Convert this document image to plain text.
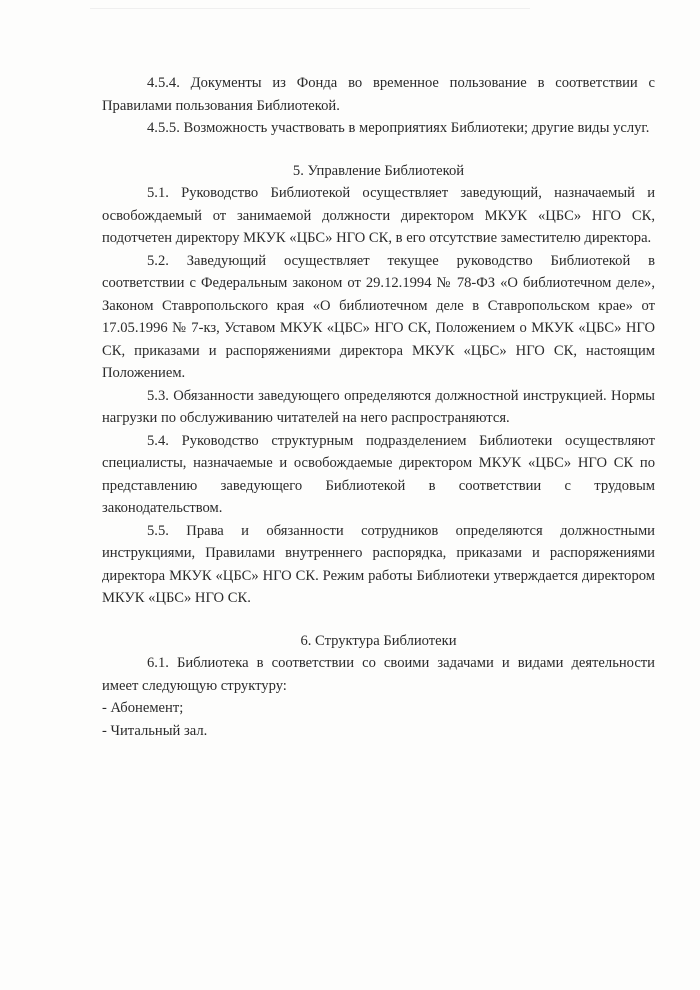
4.5.4. Документы из Фонда во временное пользование в соответствии с Правилами пользования Библиотекой.

4.5.5. Возможность участвовать в мероприятиях Библиотеки; другие виды услуг.

5. Управление Библиотекой

5.1. Руководство Библиотекой осуществляет заведующий, назначаемый и освобождаемый от занимаемой должности директором МКУК «ЦБС» НГО СК, подотчетен директору МКУК «ЦБС» НГО СК, в его отсутствие заместителю директора.

5.2. Заведующий осуществляет текущее руководство Библиотекой в соответствии с Федеральным законом от 29.12.1994 № 78-ФЗ «О библиотечном деле», Законом Ставропольского края «О библиотечном деле в Ставропольском крае» от 17.05.1996 № 7-кз, Уставом МКУК «ЦБС» НГО СК, Положением о МКУК «ЦБС» НГО СК, приказами и распоряжениями директора МКУК «ЦБС» НГО СК, настоящим Положением.

5.3. Обязанности заведующего определяются должностной инструкцией. Нормы нагрузки по обслуживанию читателей на него распространяются.

5.4. Руководство структурным подразделением Библиотеки осуществляют специалисты, назначаемые и освобождаемые директором МКУК «ЦБС» НГО СК по представлению заведующего Библиотекой в соответствии с трудовым законодательством.

5.5. Права и обязанности сотрудников определяются должностными инструкциями, Правилами внутреннего распорядка, приказами и распоряжениями директора МКУК «ЦБС» НГО СК. Режим работы Библиотеки утверждается директором МКУК «ЦБС» НГО СК.

6. Структура Библиотеки

6.1. Библиотека в соответствии со своими задачами и видами деятельности имеет следующую структуру:

- Абонемент;

- Читальный зал.
